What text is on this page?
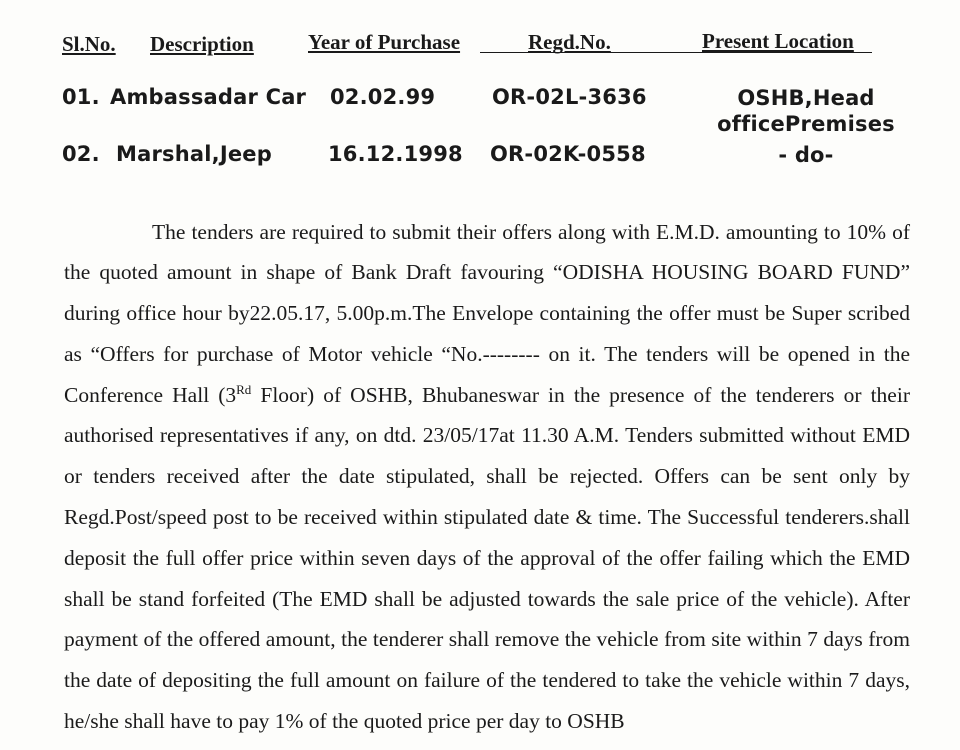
Sl.No. Description	Year of Purchase	Regd.No.	Present Location
01. Ambassadar Car 02.02.99	OR-02L-3636	OSHB,Head officePremises
02. Marshal,Jeep	16.12.1998 OR-02K-0558	- do-

The tenders are required to submit their offers along with E.M.D. amounting to 10% of the quoted amount in shape of Bank Draft favouring “ODISHA HOUSING BOARD FUND” during office hour by22.05.17, 5.00p.m.The Envelope containing the offer must be Super scribed as “Offers for purchase of Motor vehicle “No.-------- on it. The tenders will be opened in the Conference Hall (3Rd Floor) of OSHB, Bhubaneswar in the presence of the tenderers or their authorised representatives if any, on dtd. 23/05/17at 11.30 A.M. Tenders submitted without EMD or tenders received after the date stipulated, shall be rejected. Offers can be sent only by Regd.Post/speed post to be received within stipulated date & time. The Successful tenderers.shall deposit the full offer price within seven days of the approval of the offer failing which the EMD shall be stand forfeited (The EMD shall be adjusted towards the sale price of the vehicle). After payment of the offered amount, the tenderer shall remove the vehicle from site within 7 days from the date of depositing the full amount on failure of the tendered to take the vehicle within 7 days, he/she shall have to pay 1% of the quoted price per day to OSHB
